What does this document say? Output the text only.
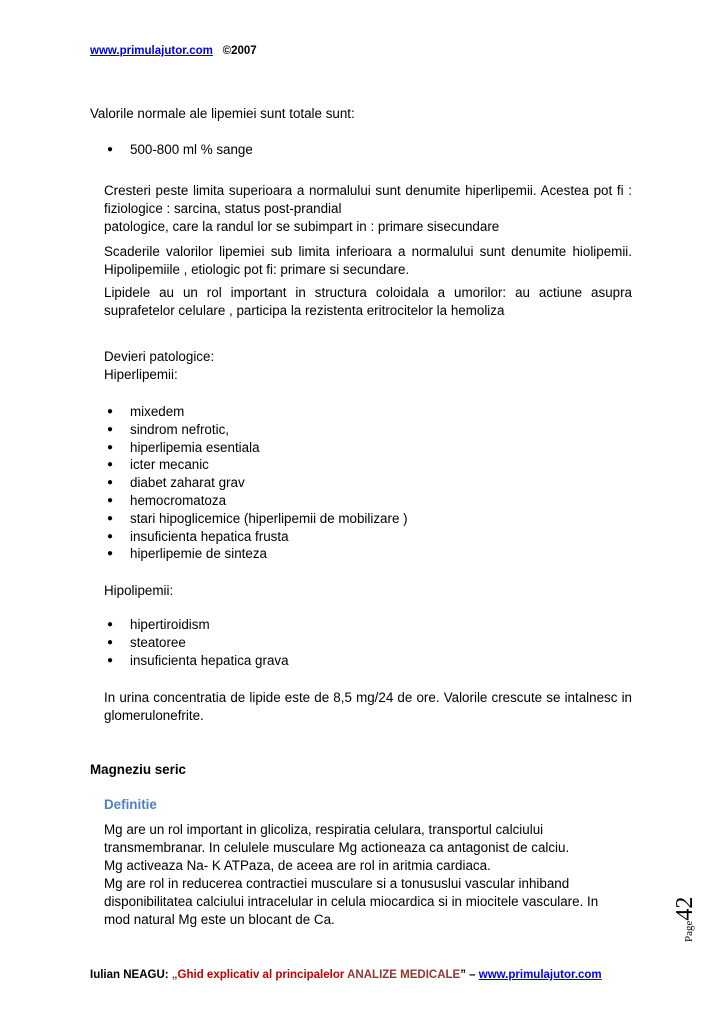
www.primulajutor.com ©2007
Valorile normale ale lipemiei sunt totale sunt:
● 500-800 ml % sange
Cresteri peste limita superioara a normalului sunt denumite hiperlipemii. Acestea pot fi :
fiziologice : sarcina, status post-prandial
patologice, care la randul lor se subimpart in : primare sisecundare
Scaderile valorilor lipemiei sub limita inferioara a normalului sunt denumite hiolipemii.
Hipolipemiile , etiologic pot fi: primare si secundare.
Lipidele au un rol important in structura coloidala a umorilor: au actiune asupra
suprafetelor celulare , participa la rezistenta eritrocitelor la hemoliza
Devieri patologice:
Hiperlipemii:
● mixedem
● sindrom nefrotic,
● hiperlipemia esentiala
● icter mecanic
● diabet zaharat grav
● hemocromatoza
● stari hipoglicemice (hiperlipemii de mobilizare )
● insuficienta hepatica frusta
● hiperlipemie de sinteza
Hipolipemii:
● hipertiroidism
● steatoree
● insuficienta hepatica grava
In urina concentratia de lipide este de 8,5 mg/24 de ore. Valorile crescute se intalnesc in
glomerulonefrite.
Magneziu seric
Definitie
Mg are un rol important in glicoliza, respiratia celulara, transportul calciului
transmembranar. In celulele musculare Mg actioneaza ca antagonist de calciu.
Mg activeaza Na- K ATPaza, de aceea are rol in aritmia cardiaca.
Mg are rol in reducerea contractiei musculare si a tonususlui vascular inhiband
disponibilitatea calciului intracelular in celula miocardica si in miocitele vasculare. In
mod natural Mg este un blocant de Ca.
Page42
Iulian NEAGU: „Ghid explicativ al principalelor ANALIZE MEDICALE” – www.primulajutor.com
